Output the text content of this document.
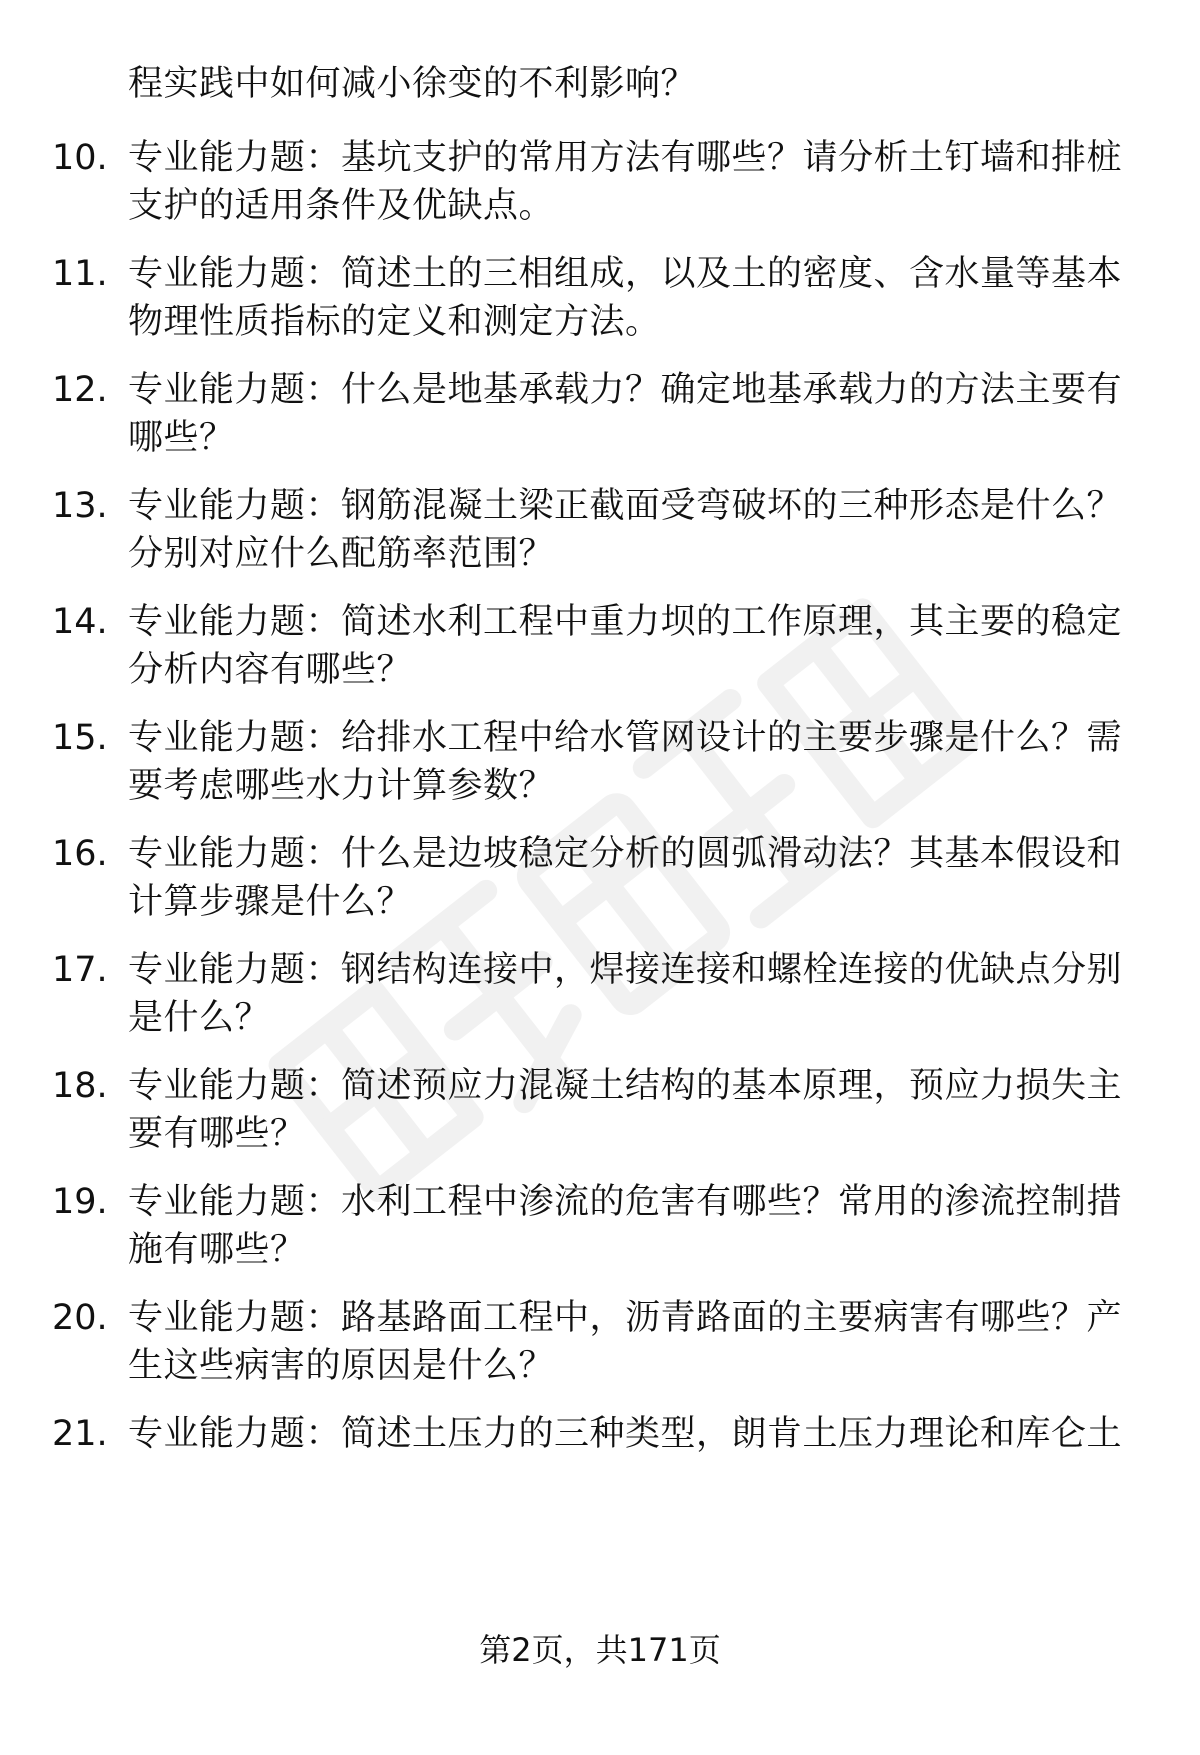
程实践中如何减小徐变的不利影响？
10. 专业能力题：基坑支护的常用方法有哪些？请分析土钉墙和排桩
支护的适用条件及优缺点。
11. 专业能力题：简述土的三相组成，以及土的密度、含水量等基本
物理性质指标的定义和测定方法。
12. 专业能力题：什么是地基承载力？确定地基承载力的方法主要有
哪些？
13. 专业能力题：钢筋混凝土梁正截面受弯破坏的三种形态是什么？
分别对应什么配筋率范围？
14. 专业能力题：简述水利工程中重力坝的工作原理，其主要的稳定
分析内容有哪些？
15. 专业能力题：给排水工程中给水管网设计的主要步骤是什么？需
要考虑哪些水力计算参数？
16. 专业能力题：什么是边坡稳定分析的圆弧滑动法？其基本假设和
计算步骤是什么？
17. 专业能力题：钢结构连接中，焊接连接和螺栓连接的优缺点分别
是什么？
18. 专业能力题：简述预应力混凝土结构的基本原理，预应力损失主
要有哪些？
19. 专业能力题：水利工程中渗流的危害有哪些？常用的渗流控制措
施有哪些？
20. 专业能力题：路基路面工程中，沥青路面的主要病害有哪些？产
生这些病害的原因是什么？
21. 专业能力题：简述土压力的三种类型，朗肯土压力理论和库仑土
第2页，共171页
